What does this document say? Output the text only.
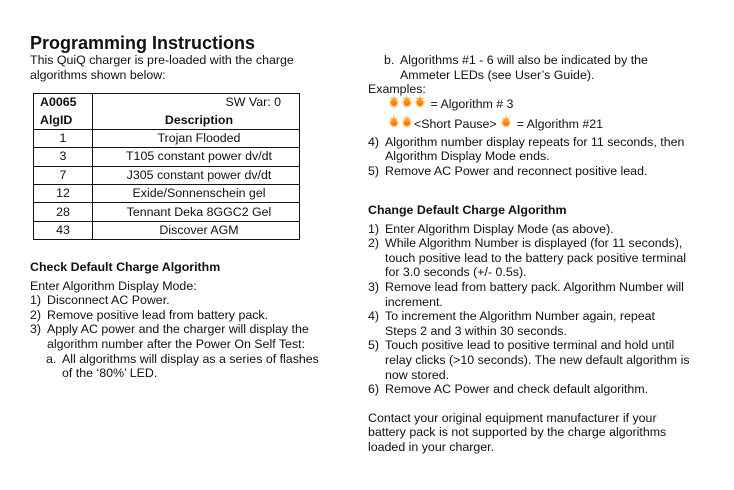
Programming Instructions
This QuiQ charger is pre-loaded with the charge algorithms shown below:
A0065	SW Var: 0
AlgID	Description
1	Trojan Flooded
3	T105 constant power dv/dt
7	J305 constant power dv/dt
12	Exide/Sonnenschein gel
28	Tennant Deka 8GGC2 Gel
43	Discover AGM
Check Default Charge Algorithm
Enter Algorithm Display Mode:
1) Disconnect AC Power.
2) Remove positive lead from battery pack.
3) Apply AC power and the charger will display the algorithm number after the Power On Self Test:
a. All algorithms will display as a series of flashes of the ‘80%’ LED.
b. Algorithms #1 - 6 will also be indicated by the Ammeter LEDs (see User’s Guide).
Examples:
✶✶✶ = Algorithm # 3
✶✶<Short Pause> ✶ = Algorithm #21
4) Algorithm number display repeats for 11 seconds, then Algorithm Display Mode ends.
5) Remove AC Power and reconnect positive lead.
Change Default Charge Algorithm
1) Enter Algorithm Display Mode (as above).
2) While Algorithm Number is displayed (for 11 seconds), touch positive lead to the battery pack positive terminal for 3.0 seconds (+/- 0.5s).
3) Remove lead from battery pack. Algorithm Number will increment.
4) To increment the Algorithm Number again, repeat Steps 2 and 3 within 30 seconds.
5) Touch positive lead to positive terminal and hold until relay clicks (>10 seconds). The new default algorithm is now stored.
6) Remove AC Power and check default algorithm.
Contact your original equipment manufacturer if your battery pack is not supported by the charge algorithms loaded in your charger.
